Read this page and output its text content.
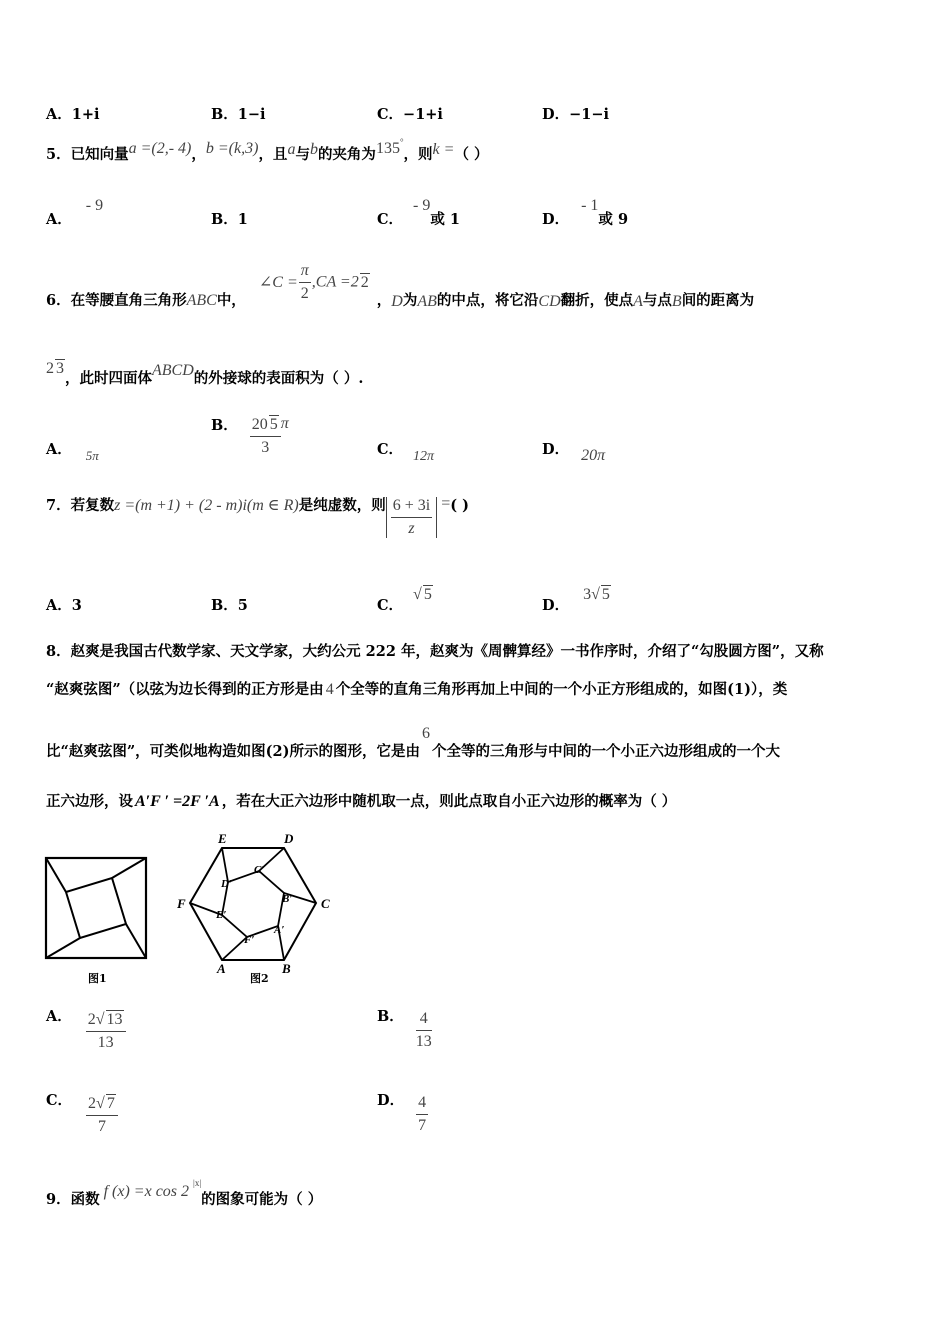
A．1+i	B．1−i	C．−1+i	D．−1−i
5．已知向量a =(2,- 4)，b =(k,3)，且a与b的夹角为135°，则k =（ ）
A．- 9
B．1	C．- 9或 1	D．- 1或 9
6．在等腰直角三角形ABC中， ∠C = $\frac{\pi}{2} ,CA =2$ 2 ，D为AB的中点，将它沿CD翻折，使点A与点B间的距离为
2 3，此时四面体ABCD的外接球的表面积为（ ）.
A． 5π
B． $\frac{20 5}{3}$ π
C． 12π	D． 20π
7．若复数z =(m +1) + (2 - m)i(m ∈ R)是纯虚数，则 $\frac{6 + 3i}{z}$ =( )
A．3	B．5	C．√ 5
D．3√ 5
8．赵爽是我国古代数学家、天文学家，大约公元 222 年，赵爽为《周髀算经》一书作序时，介绍了“勾股圆方图”，又称
“赵爽弦图”（以弦为边长得到的正方形是由 4 个全等的直角三角形再加上中间的一个小正方形组成的，如图(1)），类
比“赵爽弦图”，可类似地构造如图(2)所示的图形，它是由6个全等的三角形与中间的一个小正六边形组成的一个大
正六边形，设 A′F ′ =2F ′A ，若在大正六边形中随机取一点，则此点取自小正六边形的概率为（ ）
图1
E	D
C
B
A
F
D′
C′
B′
A′
F′
E′
图2
A． $\frac{2√ 13}{13}$	B． $\frac{4}{13}$
C． $\frac{2√ 7}{7}$	D． $\frac{4}{7}$
9．函数 f (x) =x cos 2 $^{|x|}$的图象可能为（ ）
